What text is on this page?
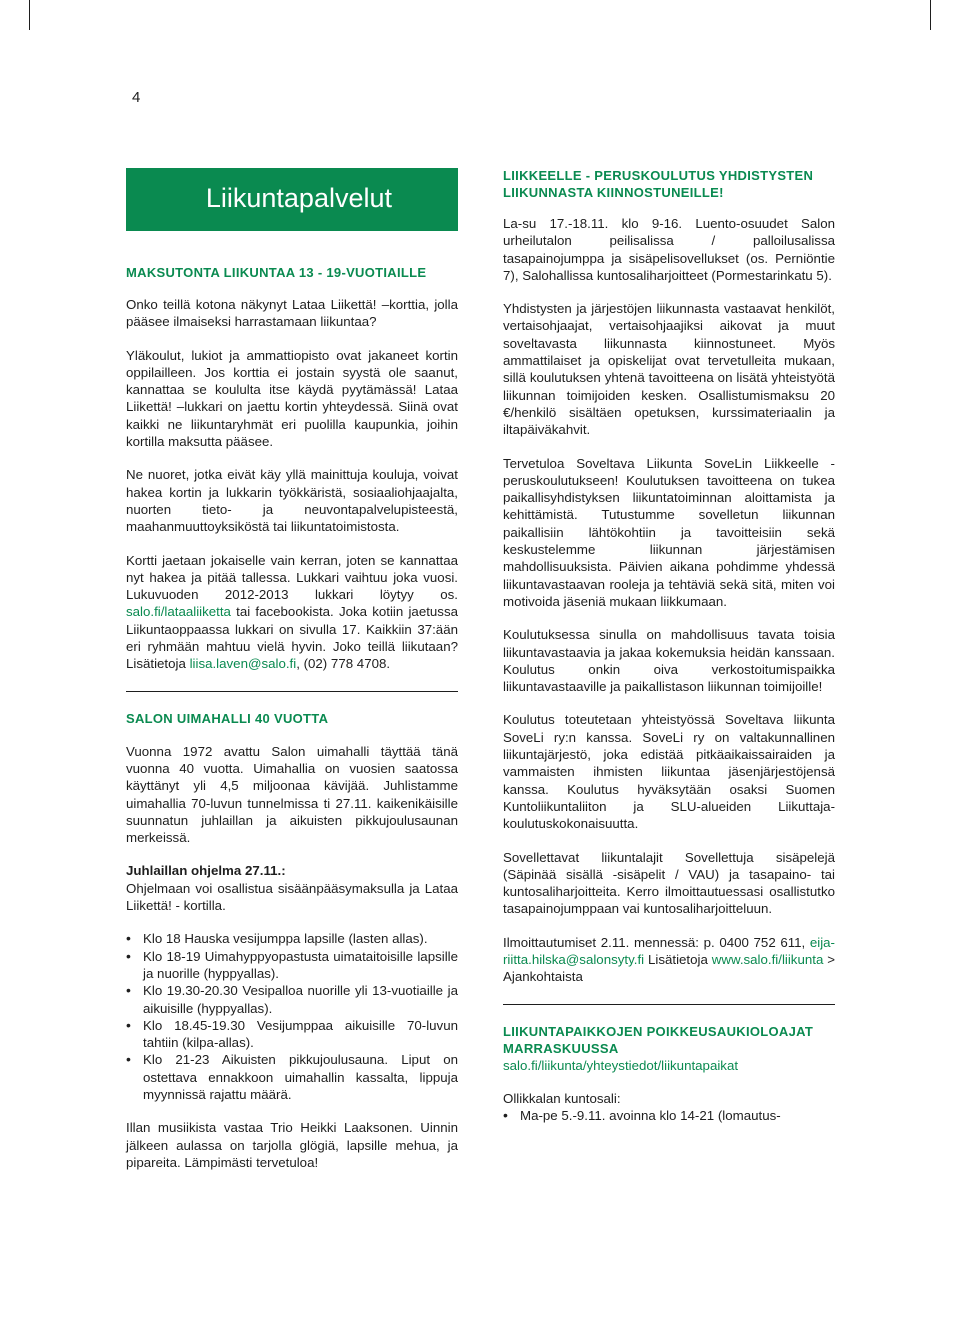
4
Liikuntapalvelut
MAKSUTONTA LIIKUNTAA 13 - 19-VUOTIAILLE

Onko teillä kotona näkynyt Lataa Liikettä! –korttia, jolla pääsee ilmaiseksi harrastamaan liikuntaa?

Yläkoulut, lukiot ja ammattiopisto ovat jakaneet kortin oppilailleen. Jos korttia ei jostain syystä ole saanut, kannattaa se koululta itse käydä pyytämässä! Lataa Liikettä! –lukkari on jaettu kortin yhteydessä. Siinä ovat kaikki ne liikuntaryhmät eri puolilla kaupunkia, joihin kortilla maksutta pääsee.

Ne nuoret, jotka eivät käy yllä mainittuja kouluja, voivat hakea kortin ja lukkarin työkkäristä, sosiaaliohjaajalta, nuorten tieto- ja neuvontapalvelupisteestä, maahanmuuttoyksiköstä tai liikuntatoimistosta.

Kortti jaetaan jokaiselle vain kerran, joten se kannattaa nyt hakea ja pitää tallessa. Lukkari vaihtuu joka vuosi. Lukuvuoden 2012-2013 lukkari löytyy os. salo.fi/lataaliiketta tai facebookista. Joka kotiin jaetussa Liikuntaoppaassa lukkari on sivulla 17. Kaikkiin 37:ään eri ryhmään mahtuu vielä hyvin. Joko teillä liikutaan? Lisätietoja liisa.laven@salo.fi, (02) 778 4708.

SALON UIMAHALLI 40 VUOTTA

Vuonna 1972 avattu Salon uimahalli täyttää tänä vuonna 40 vuotta. Uimahallia on vuosien saatossa käyttänyt yli 4,5 miljoonaa kävijää. Juhlistamme uimahallia 70-luvun tunnelmissa ti 27.11. kaikenikäisille suunnatun juhlaillan ja aikuisten pikkujoulusaunan merkeissä.

Juhlaillan ohjelma 27.11.:

Ohjelmaan voi osallistua sisäänpääsymaksulla ja Lataa Liikettä! - kortilla.

• Klo 18 Hauska vesijumppa lapsille (lasten allas).
• Klo 18-19 Uimahyppyopastusta uimataitoisille lapsille ja nuorille (hyppyallas).
• Klo 19.30-20.30 Vesipalloa nuorille yli 13-vuotiaille ja aikuisille (hyppyallas).
• Klo 18.45-19.30 Vesijumppaa aikuisille 70-luvun tahtiin (kilpa-allas).
• Klo 21-23 Aikuisten pikkujoulusauna. Liput on ostettava ennakkoon uimahallin kassalta, lippuja myynnissä rajattu määrä.

Illan musiikista vastaa Trio Heikki Laaksonen. Uinnin jälkeen aulassa on tarjolla glögiä, lapsille mehua, ja pipareita. Lämpimästi tervetuloa!

LIIKKEELLE - PERUSKOULUTUS YHDISTYSTEN LIIKUNNASTA KIINNOSTUNEILLE!

La-su 17.-18.11. klo 9-16. Luento-osuudet Salon urheilutalon peilisalissa / palloilusalissa tasapainojumppa ja sisäpelisovellukset (os. Perniöntie 7), Salohallissa kuntosaliharjoitteet (Pormestarinkatu 5).

Yhdistysten ja järjestöjen liikunnasta vastaavat henkilöt, vertaisohjaajat, vertaisohjaajiksi aikovat ja muut soveltavasta liikunnasta kiinnostuneet. Myös ammattilaiset ja opiskelijat ovat tervetulleita mukaan, sillä koulutuksen yhtenä tavoitteena on lisätä yhteistyötä liikunnan toimijoiden kesken. Osallistumismaksu 20 €/henkilö sisältäen opetuksen, kurssimateriaalin ja iltapäiväkahvit.

Tervetuloa Soveltava Liikunta SoveLin Liikkeelle -peruskoulutukseen! Koulutuksen tavoitteena on tukea paikallisyhdistyksen liikuntatoiminnan aloittamista ja kehittämistä. Tutustumme sovelletun liikunnan paikallisiin lähtökohtiin ja tavoitteisiin sekä keskustelemme liikunnan järjestämisen mahdollisuuksista. Päivien aikana pohdimme yhdessä liikuntavastaavan rooleja ja tehtäviä sekä sitä, miten voi motivoida jäseniä mukaan liikkumaan.

Koulutuksessa sinulla on mahdollisuus tavata toisia liikuntavastaavia ja jakaa kokemuksia heidän kanssaan. Koulutus onkin oiva verkostoitumispaikka liikuntavastaaville ja paikallistason liikunnan toimijoille!

Koulutus toteutetaan yhteistyössä Soveltava liikunta SoveLi ry:n kanssa. SoveLi ry on valtakunnallinen liikuntajärjestö, joka edistää pitkäaikaissairaiden ja vammaisten ihmisten liikuntaa jäsenjärjestöjensä kanssa. Koulutus hyväksytään osaksi Suomen Kuntoliikuntaliiton ja SLU-alueiden Liikuttaja-koulutuskokonaisuutta.

Sovellettavat liikuntalajit Sovellettuja sisäpelejä (Säpinää sisällä -sisäpelit / VAU) ja tasapaino- tai kuntosaliharjoitteita. Kerro ilmoittautuessasi osallistutko tasapainojumppaan vai kuntosaliharjoitteluun.

Ilmoittautumiset 2.11. mennessä: p. 0400 752 611, eija-riitta.hilska@salonsyty.fi Lisätietoja www.salo.fi/liikunta > Ajankohtaista

LIIKUNTAPAIKKOJEN POIKKEUSAUKIOLOAJAT MARRASKUUSSA

salo.fi/liikunta/yhteystiedot/liikuntapaikat

Ollikkalan kuntosali:

• Ma-pe 5.-9.11. avoinna klo 14-21 (lomautus-
